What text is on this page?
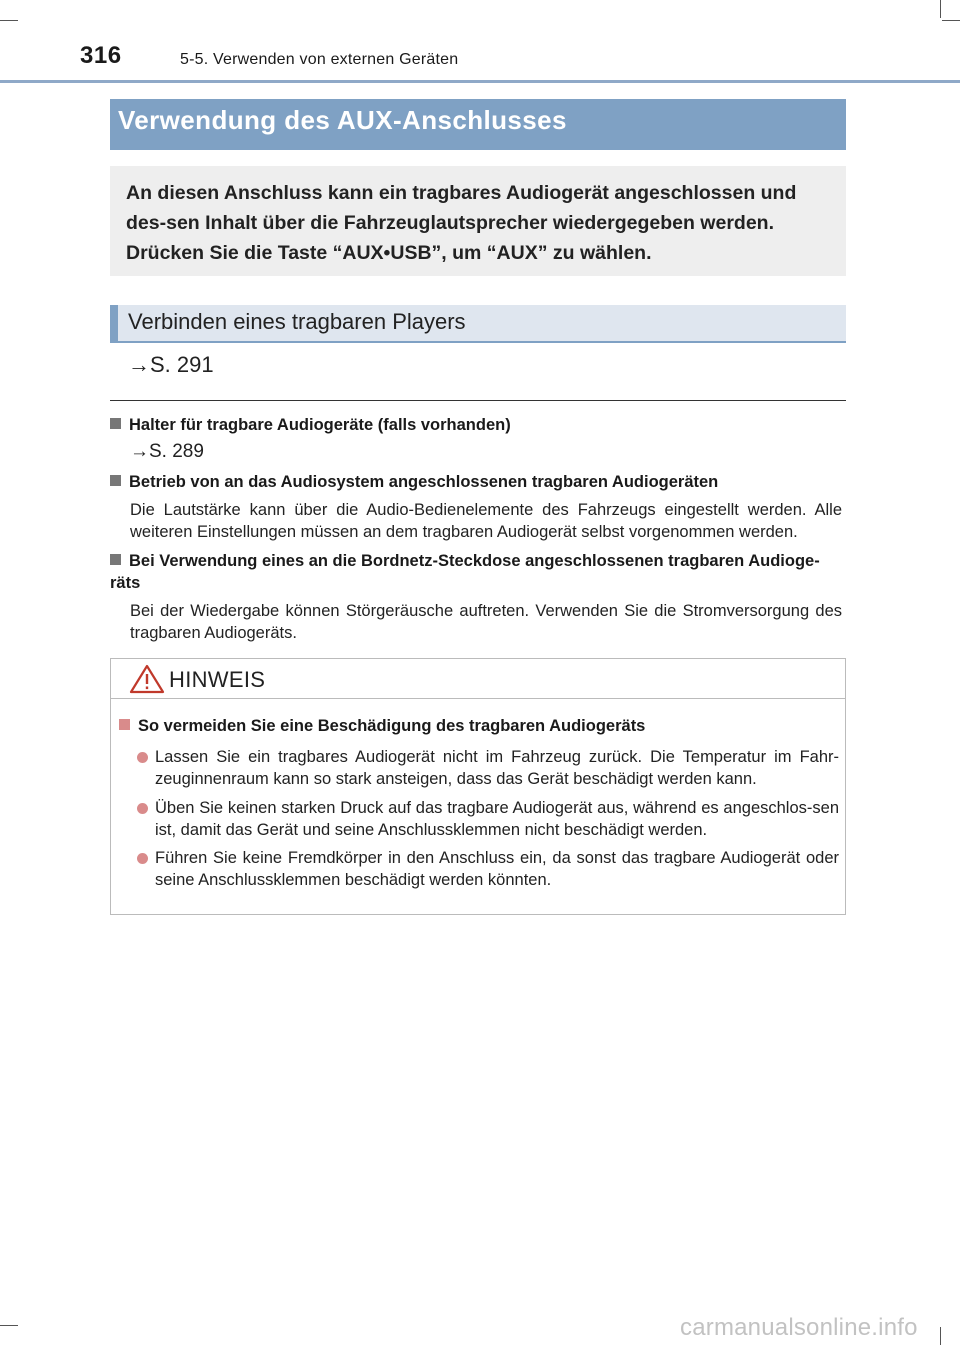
316	5-5. Verwenden von externen Geräten
Verwendung des AUX-Anschlusses
An diesen Anschluss kann ein tragbares Audiogerät angeschlossen und des-sen Inhalt über die Fahrzeuglautsprecher wiedergegeben werden. Drücken Sie die Taste “AUX•USB”, um “AUX” zu wählen.
Verbinden eines tragbaren Players
→S. 291
Halter für tragbare Audiogeräte (falls vorhanden)
→S. 289
Betrieb von an das Audiosystem angeschlossenen tragbaren Audiogeräten
Die Lautstärke kann über die Audio-Bedienelemente des Fahrzeugs eingestellt werden. Alle weiteren Einstellungen müssen an dem tragbaren Audiogerät selbst vorgenommen werden.
Bei Verwendung eines an die Bordnetz-Steckdose angeschlossenen tragbaren Audioge-räts
Bei der Wiedergabe können Störgeräusche auftreten. Verwenden Sie die Stromversorgung des tragbaren Audiogeräts.
HINWEIS
So vermeiden Sie eine Beschädigung des tragbaren Audiogeräts
Lassen Sie ein tragbares Audiogerät nicht im Fahrzeug zurück. Die Temperatur im Fahr-zeuginnenraum kann so stark ansteigen, dass das Gerät beschädigt werden kann.
Üben Sie keinen starken Druck auf das tragbare Audiogerät aus, während es angeschlos-sen ist, damit das Gerät und seine Anschlussklemmen nicht beschädigt werden.
Führen Sie keine Fremdkörper in den Anschluss ein, da sonst das tragbare Audiogerät oder seine Anschlussklemmen beschädigt werden könnten.
carmanualsonline.info
